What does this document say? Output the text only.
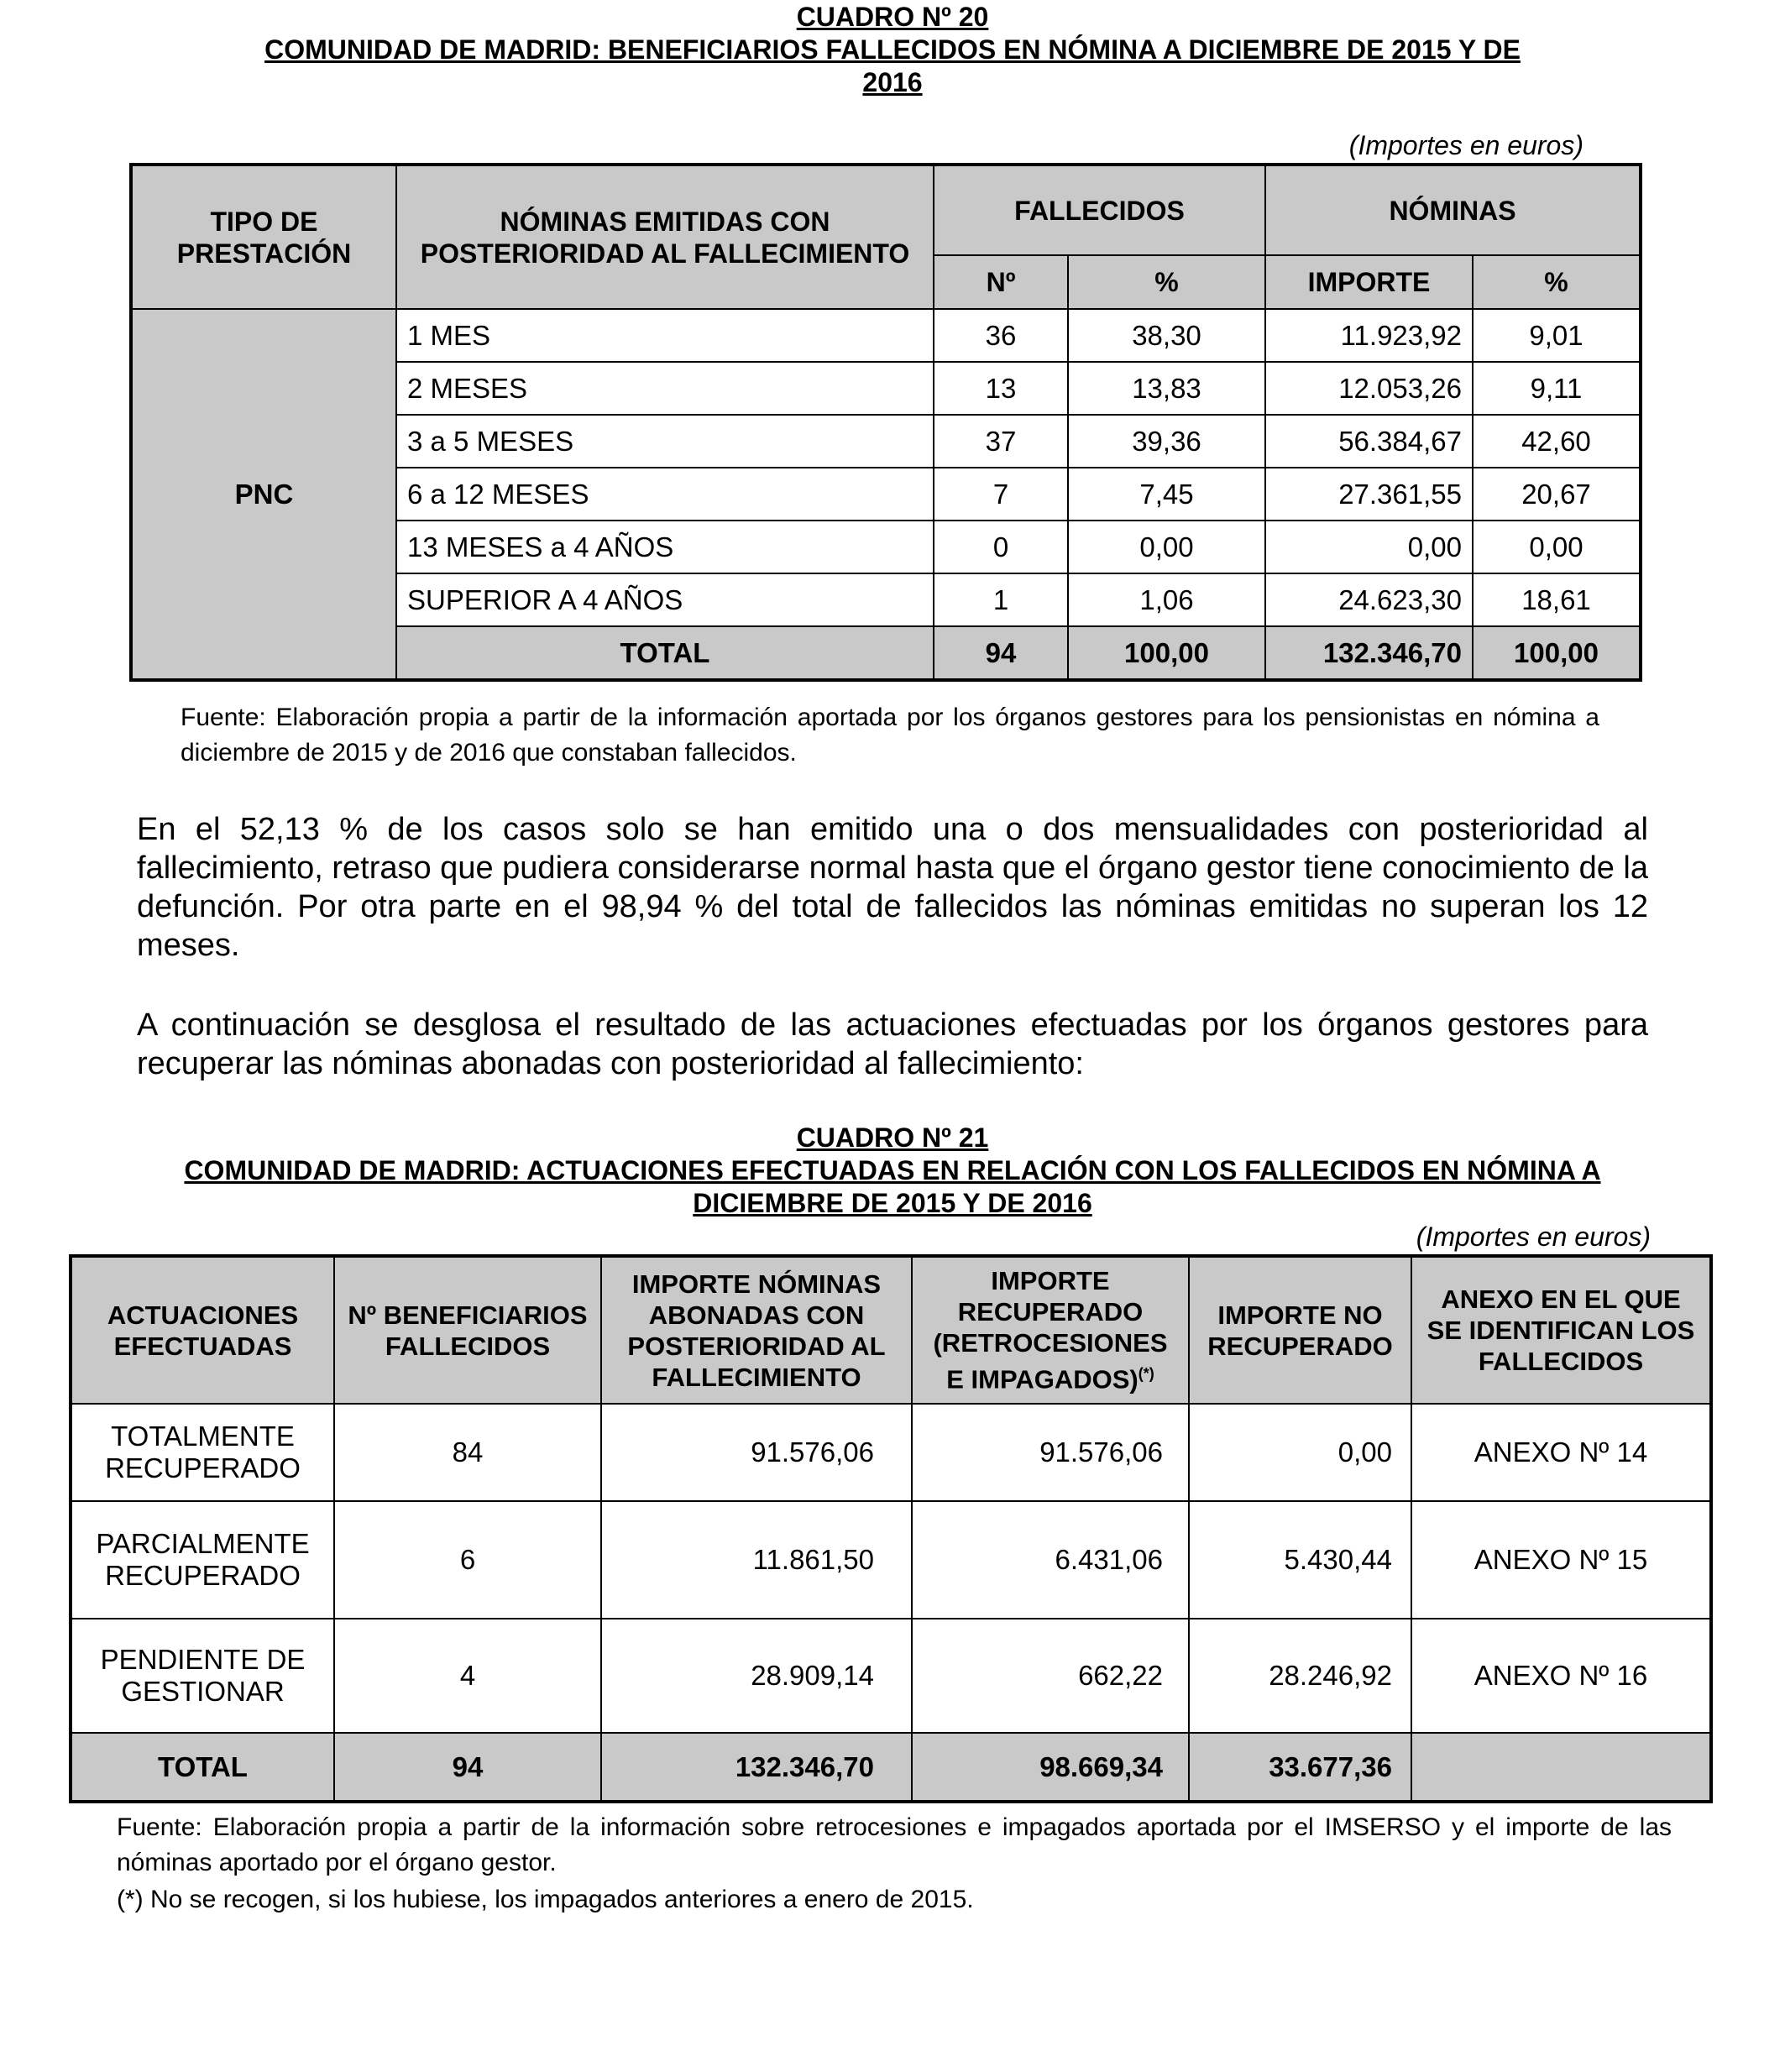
CUADRO Nº 20
COMUNIDAD DE MADRID: BENEFICIARIOS FALLECIDOS EN NÓMINA A DICIEMBRE DE 2015 Y DE
2016
(Importes en euros)
TIPO DE PRESTACIÓN	NÓMINAS EMITIDAS CON POSTERIORIDAD AL FALLECIMIENTO	FALLECIDOS		NÓMINAS	
		Nº	%	IMPORTE	%
PNC	1 MES	36	38,30	11.923,92	9,01
	2 MESES	13	13,83	12.053,26	9,11
	3 a 5 MESES	37	39,36	56.384,67	42,60
	6 a 12 MESES	7	7,45	27.361,55	20,67
	13 MESES a 4 AÑOS	0	0,00	0,00	0,00
	SUPERIOR A 4 AÑOS	1	1,06	24.623,30	18,61
	TOTAL	94	100,00	132.346,70	100,00
Fuente: Elaboración propia a partir de la información aportada por los órganos gestores para los pensionistas en nómina a diciembre de 2015 y de 2016 que constaban fallecidos.
En el 52,13 % de los casos solo se han emitido una o dos mensualidades con posterioridad al fallecimiento, retraso que pudiera considerarse normal hasta que el órgano gestor tiene conocimiento de la defunción. Por otra parte en el 98,94 % del total de fallecidos las nóminas emitidas no superan los 12 meses.
A continuación se desglosa el resultado de las actuaciones efectuadas por los órganos gestores para recuperar las nóminas abonadas con posterioridad al fallecimiento:
CUADRO Nº 21
COMUNIDAD DE MADRID: ACTUACIONES EFECTUADAS EN RELACIÓN CON LOS FALLECIDOS EN NÓMINA A
DICIEMBRE DE 2015 Y DE 2016
(Importes en euros)
ACTUACIONES EFECTUADAS	Nº BENEFICIARIOS FALLECIDOS	IMPORTE NÓMINAS ABONADAS CON POSTERIORIDAD AL FALLECIMIENTO	IMPORTE RECUPERADO (RETROCESIONES E IMPAGADOS)(*)	IMPORTE NO RECUPERADO	ANEXO EN EL QUE SE IDENTIFICAN LOS FALLECIDOS
TOTALMENTE RECUPERADO	84	91.576,06	91.576,06	0,00	ANEXO Nº 14
PARCIALMENTE RECUPERADO	6	11.861,50	6.431,06	5.430,44	ANEXO Nº 15
PENDIENTE DE GESTIONAR	4	28.909,14	662,22	28.246,92	ANEXO Nº 16
TOTAL	94	132.346,70	98.669,34	33.677,36	
Fuente: Elaboración propia a partir de la información sobre retrocesiones e impagados aportada por el IMSERSO y el importe de las nóminas aportado por el órgano gestor.
(*) No se recogen, si los hubiese, los impagados anteriores a enero de 2015.
